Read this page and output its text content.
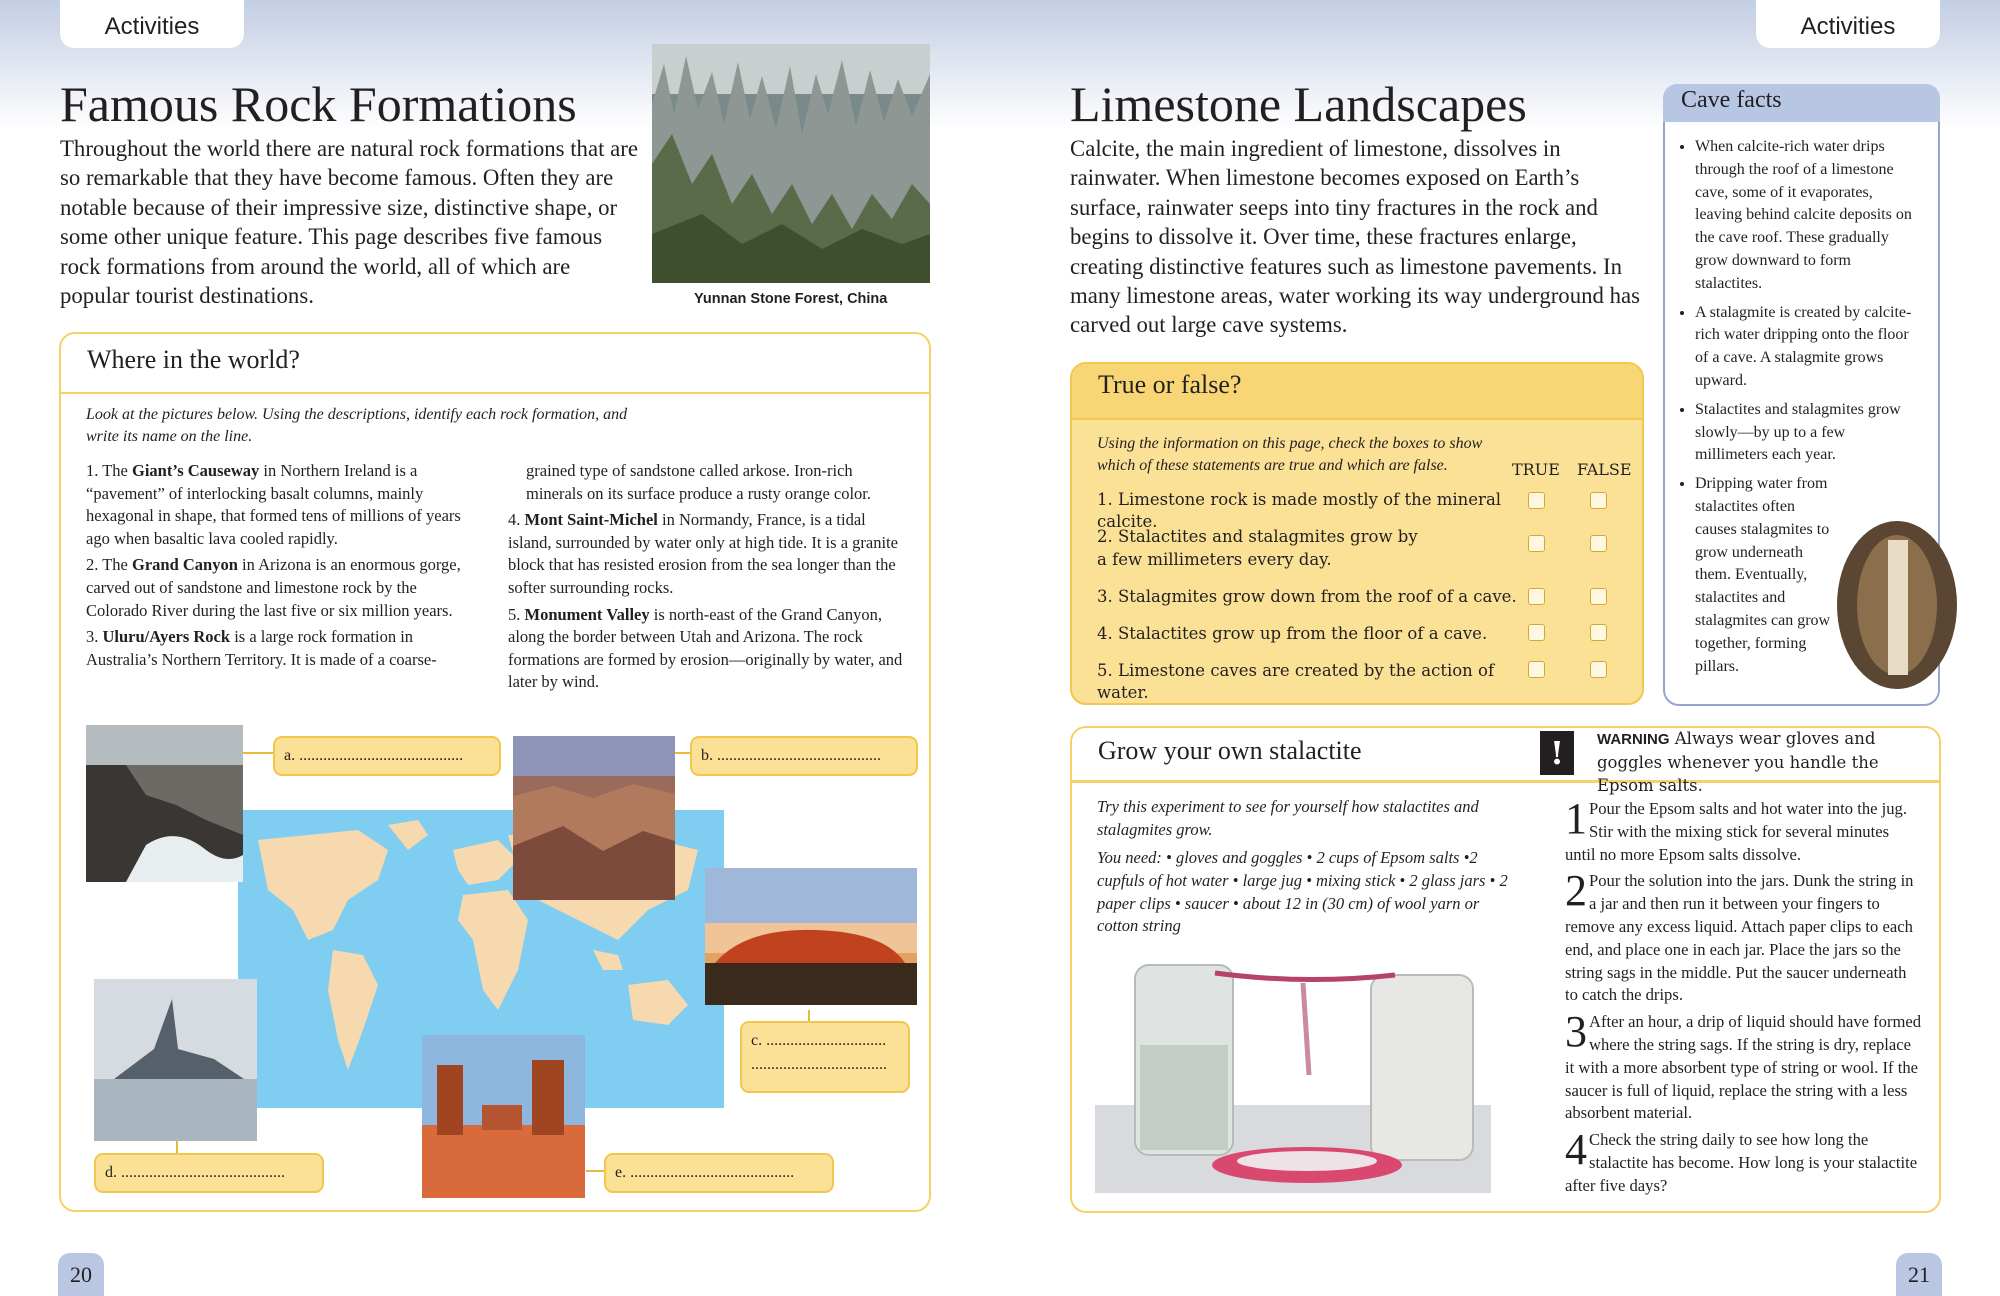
Activities	Activities
Famous Rock Formations
Throughout the world there are natural rock formations that are so remarkable that they have become famous. Often they are notable because of their impressive size, distinctive shape, or some other unique feature. This page describes five famous rock formations from around the world, all of which are popular tourist destinations.	Yunnan Stone Forest, China
Where in the world?
Look at the pictures below. Using the descriptions, identify each rock formation, and write its name on the line.

1. The Giant’s Causeway in Northern Ireland is a “pavement” of interlocking basalt columns, mainly hexagonal in shape, that formed tens of millions of years ago when basaltic lava cooled rapidly.

2. The Grand Canyon in Arizona is an enormous gorge, carved out of sandstone and limestone rock by the Colorado River during the last five or six million years.

3. Uluru/Ayers Rock is a large rock formation in Australia’s Northern Territory. It is made of a coarse-

grained type of sandstone called arkose. Iron-rich minerals on its surface produce a rusty orange color.

4. Mont Saint-Michel in Normandy, France, is a tidal island, surrounded by water only at high tide. It is a granite block that has resisted erosion from the sea longer than the softer surrounding rocks.

5. Monument Valley is north-east of the Grand Canyon, along the border between Utah and Arizona. The rock formations are formed by erosion—originally by water, and later by wind.

a. .........................................	b. .........................................
c. ..............................
..................................
d. .........................................	e. .........................................
20
Limestone Landscapes
Calcite, the main ingredient of limestone, dissolves in rainwater. When limestone becomes exposed on Earth’s surface, rainwater seeps into tiny fractures in the rock and begins to dissolve it. Over time, these fractures enlarge, creating distinctive features such as limestone pavements. In many limestone areas, water working its way underground has carved out large cave systems.
Cave facts
• When calcite-rich water drips through the roof of a limestone cave, some of it evaporates, leaving behind calcite deposits on the cave roof. These gradually grow downward to form stalactites.
• A stalagmite is created by calcite-rich water dripping onto the floor of a cave. A stalagmite grows upward.
• Stalactites and stalagmites grow slowly—by up to a few millimeters each year.
• Dripping water from stalactites often causes stalagmites to grow underneath them. Eventually, stalactites and stalagmites can grow together, forming pillars.
True or false?
Using the information on this page, check the boxes to show which of these statements are true and which are false.	TRUE FALSE
1. Limestone rock is made mostly of the mineral calcite.
2. Stalactites and stalagmites grow by a few millimeters every day.
3. Stalagmites grow down from the roof of a cave.
4. Stalactites grow up from the floor of a cave.
5. Limestone caves are created by the action of water.
Grow your own stalactite	!	WARNING Always wear gloves and goggles whenever you handle the Epsom salts.
Try this experiment to see for yourself how stalactites and stalagmites grow.
You need: • gloves and goggles • 2 cups of Epsom salts •2 cupfuls of hot water • large jug • mixing stick • 2 glass jars • 2 paper clips • saucer • about 12 in (30 cm) of wool yarn or cotton string

1 Pour the Epsom salts and hot water into the jug. Stir with the mixing stick for several minutes until no more Epsom salts dissolve.

2 Pour the solution into the jars. Dunk the string in a jar and then run it between your fingers to remove any excess liquid. Attach paper clips to each end, and place one in each jar. Place the jars so the string sags in the middle. Put the saucer underneath to catch the drips.

3 After an hour, a drip of liquid should have formed where the string sags. If the string is dry, replace it with a more absorbent type of string or wool. If the saucer is full of liquid, replace the string with a less absorbent material.

4 Check the string daily to see how long the stalactite has become. How long is your stalactite after five days?

21
